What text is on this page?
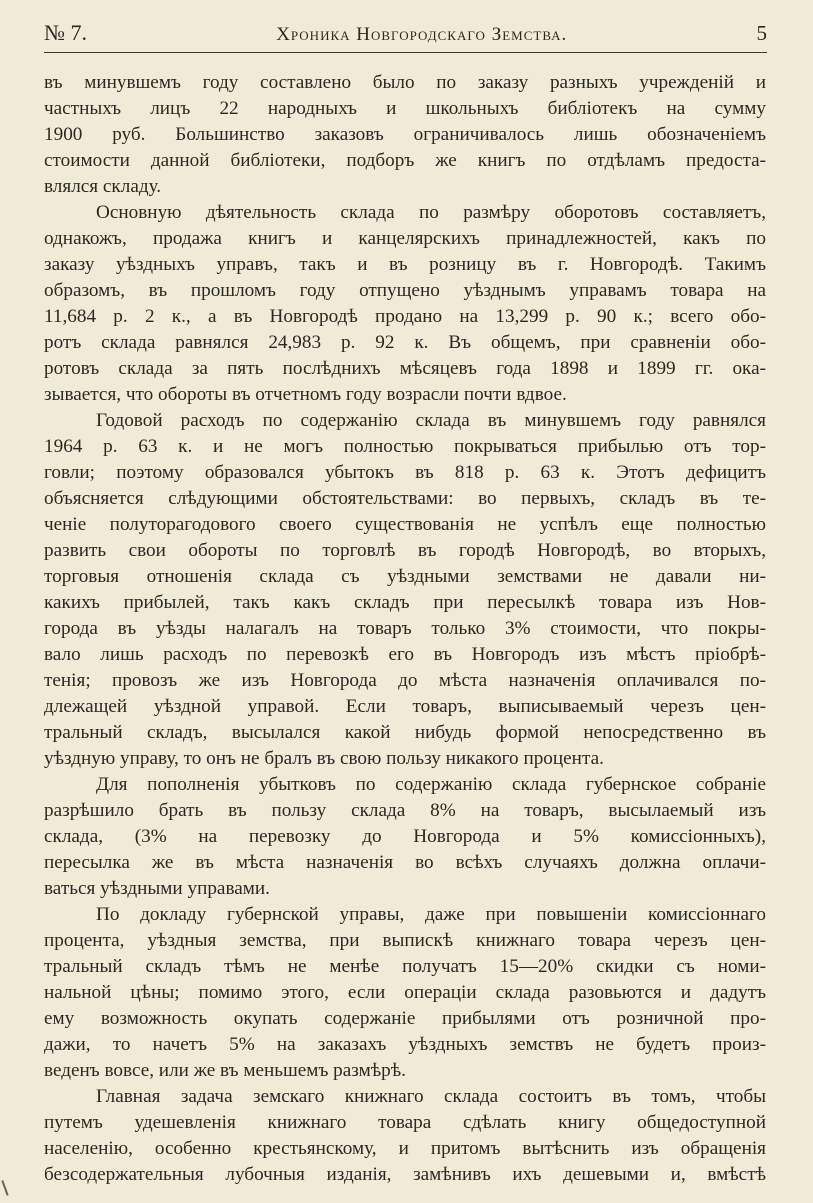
№ 7.	Хроника Новгородскаго Земства.	5
въ минувшемъ году составлено было по заказу разныхъ учрежденій и
частныхъ лицъ 22 народныхъ и школьныхъ библіотекъ на сумму
1900 руб. Большинство заказовъ ограничивалось лишь обозначеніемъ
стоимости данной библіотеки, подборъ же книгъ по отдѣламъ предоста-
влялся складу.
Основную дѣятельность склада по размѣру оборотовъ составляетъ,
однакожъ, продажа книгъ и канцелярскихъ принадлежностей, какъ по
заказу уѣздныхъ управъ, такъ и въ розницу въ г. Новгородѣ. Такимъ
образомъ, въ прошломъ году отпущено уѣзднымъ управамъ товара на
11,684 р. 2 к., а въ Новгородѣ продано на 13,299 р. 90 к.; всего обо-
ротъ склада равнялся 24,983 р. 92 к. Въ общемъ, при сравненіи обо-
ротовъ склада за пять послѣднихъ мѣсяцевъ года 1898 и 1899 гг. ока-
зывается, что обороты въ отчетномъ году возрасли почти вдвое.
Годовой расходъ по содержанію склада въ минувшемъ году равнялся
1964 р. 63 к. и не могъ полностью покрываться прибылью отъ тор-
говли; поэтому образовался убытокъ въ 818 р. 63 к. Этотъ дефицитъ
объясняется слѣдующими обстоятельствами: во первыхъ, складъ въ те-
ченіе полуторагодового своего существованія не успѣлъ еще полностью
развить свои обороты по торговлѣ въ городѣ Новгородѣ, во вторыхъ,
торговыя отношенія склада съ уѣздными земствами не давали ни-
какихъ прибылей, такъ какъ складъ при пересылкѣ товара изъ Нов-
города въ уѣзды налагалъ на товаръ только 3% стоимости, что покры-
вало лишь расходъ по перевозкѣ его въ Новгородъ изъ мѣстъ пріобрѣ-
тенія; провозъ же изъ Новгорода до мѣста назначенія оплачивался по-
длежащей уѣздной управой. Если товаръ, выписываемый черезъ цен-
тральный складъ, высылался какой нибудь формой непосредственно въ
уѣздную управу, то онъ не бралъ въ свою пользу никакого процента.
Для пополненія убытковъ по содержанію склада губернское собраніе
разрѣшило брать въ пользу склада 8% на товаръ, высылаемый изъ
склада, (3% на перевозку до Новгорода и 5% комиссіонныхъ),
пересылка же въ мѣста назначенія во всѣхъ случаяхъ должна оплачи-
ваться уѣздными управами.
По докладу губернской управы, даже при повышеніи комиссіоннаго
процента, уѣздныя земства, при выпискѣ книжнаго товара черезъ цен-
тральный складъ тѣмъ не менѣе получатъ 15—20% скидки съ номи-
нальной цѣны; помимо этого, если операціи склада разовьются и дадутъ
ему возможность окупать содержаніе прибылями отъ розничной про-
дажи, то начетъ 5% на заказахъ уѣздныхъ земствъ не будетъ произ-
веденъ вовсе, или же въ меньшемъ размѣрѣ.
Главная задача земскаго книжнаго склада состоитъ въ томъ, чтобы
путемъ удешевленія книжнаго товара сдѣлать книгу общедоступной
населенію, особенно крестьянскому, и притомъ вытѣснить изъ обращенія
безсодержательныя лубочныя изданія, замѣнивъ ихъ дешевыми и, вмѣстѣ
